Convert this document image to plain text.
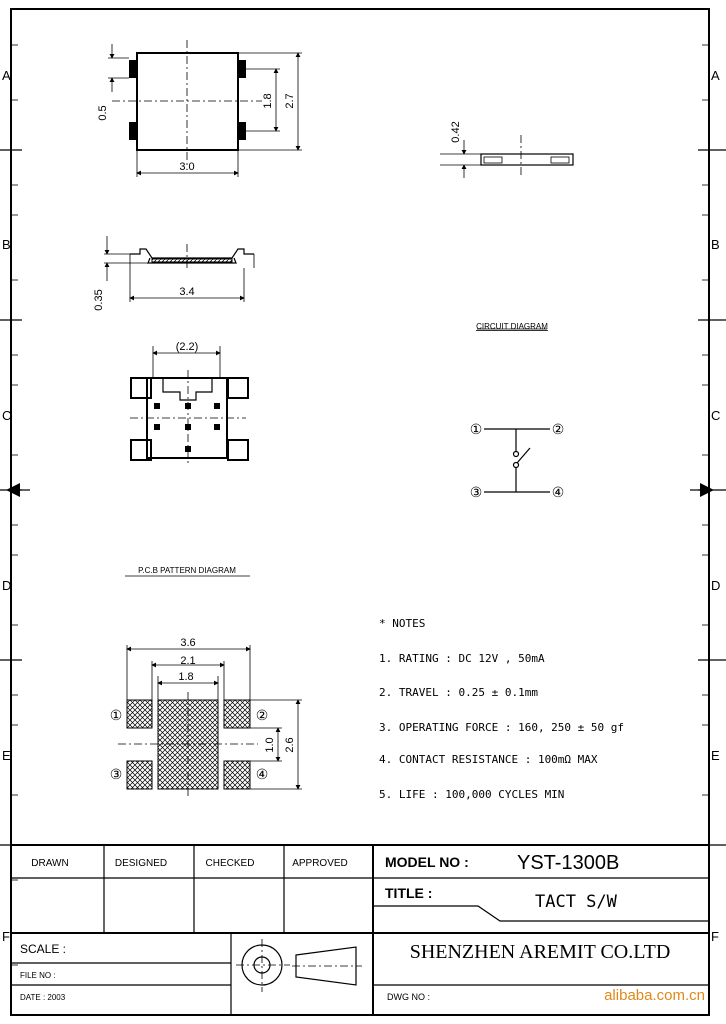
A
B
C
D
E
F
A
B
C
D
E
F
0.5
1.8 2.7
3.0
0.42
0.35	3.4
(2.2)
CIRCUIT DIAGRAM
①	②
③	④
P.C.B PATTERN DIAGRAM
3.6
2.1
1.8
①	②
③	④
1.0 2.6
* NOTES
1. RATING : DC 12V , 50mA
2. TRAVEL : 0.25 ± 0.1mm
3. OPERATING FORCE : 160, 250 ± 50 gf
4. CONTACT RESISTANCE : 100mΩ MAX
5. LIFE : 100,000 CYCLES MIN
DRAWN	DESIGNED	CHECKED	APPROVED	MODEL NO : YST-1300B
TITLE :	TACT S/W
SCALE :
FILE NO :
DATE : 2003
SHENZHEN AREMIT CO.LTD
DWG NO :	alibaba.com.cn
